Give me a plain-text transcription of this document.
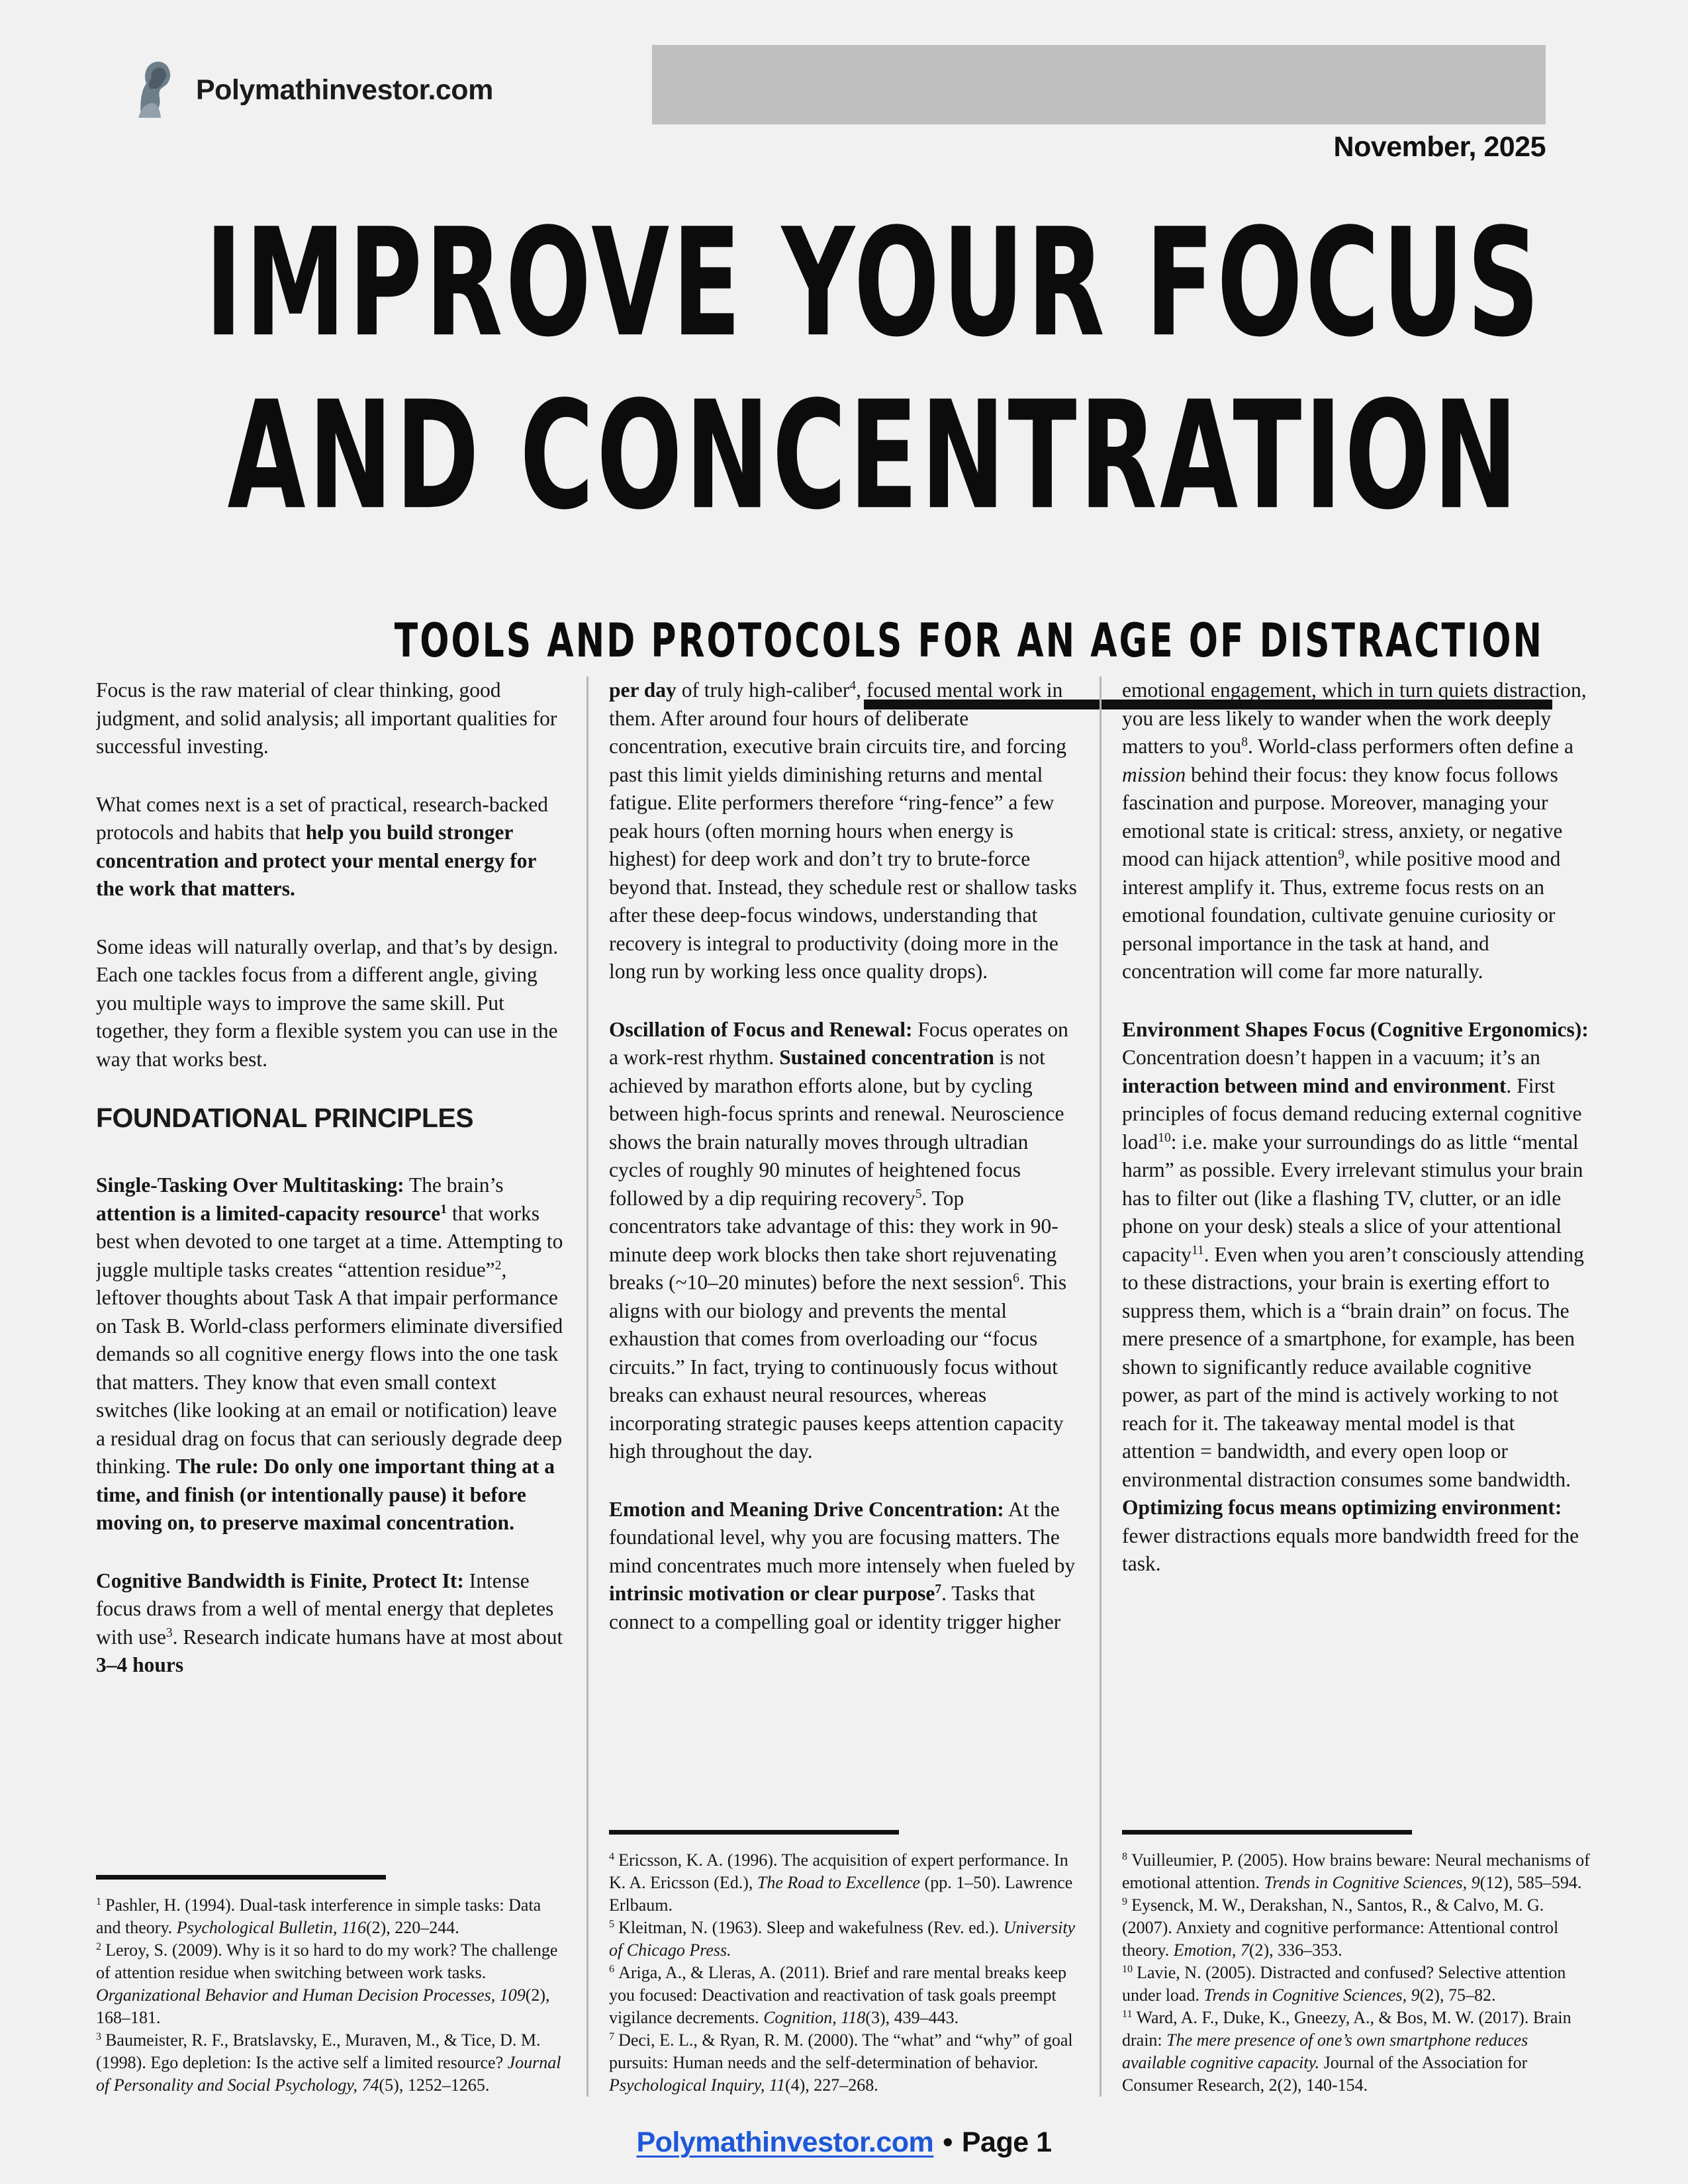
Polymathinvestor.com
November, 2025
IMPROVE YOUR FOCUS
AND CONCENTRATION
TOOLS AND PROTOCOLS FOR AN AGE OF DISTRACTION
Focus is the raw material of clear thinking, good judgment, and solid analysis; all important qualities for successful investing.
What comes next is a set of practical, research-backed protocols and habits that help you build stronger concentration and protect your mental energy for the work that matters.
Some ideas will naturally overlap, and that’s by design. Each one tackles focus from a different angle, giving you multiple ways to improve the same skill. Put together, they form a flexible system you can use in the way that works best.
FOUNDATIONAL PRINCIPLES
Single-Tasking Over Multitasking: The brain’s attention is a limited-capacity resource$^1$ that works best when devoted to one target at a time. Attempting to juggle multiple tasks creates “attention residue”$^2$, leftover thoughts about Task A that impair performance on Task B. World-class performers eliminate diversified demands so all cognitive energy flows into the one task that matters. They know that even small context switches (like looking at an email or notification) leave a residual drag on focus that can seriously degrade deep thinking. The rule: Do only one important thing at a time, and finish (or intentionally pause) it before moving on, to preserve maximal concentration.
Cognitive Bandwidth is Finite, Protect It: Intense focus draws from a well of mental energy that depletes with use$^3$. Research indicate humans have at most about 3–4 hours
$^1$ Pashler, H. (1994). Dual-task interference in simple tasks: Data and theory. Psychological Bulletin, 116(2), 220–244.
$^2$ Leroy, S. (2009). Why is it so hard to do my work? The challenge of attention residue when switching between work tasks. Organizational Behavior and Human Decision Processes, 109(2), 168–181.
$^3$ Baumeister, R. F., Bratslavsky, E., Muraven, M., & Tice, D. M. (1998). Ego depletion: Is the active self a limited resource? Journal of Personality and Social Psychology, 74(5), 1252–1265.
per day of truly high-caliber$^4$, focused mental work in them. After around four hours of deliberate concentration, executive brain circuits tire, and forcing past this limit yields diminishing returns and mental fatigue. Elite performers therefore “ring-fence” a few peak hours (often morning hours when energy is highest) for deep work and don’t try to brute-force beyond that. Instead, they schedule rest or shallow tasks after these deep-focus windows, understanding that recovery is integral to productivity (doing more in the long run by working less once quality drops).
Oscillation of Focus and Renewal: Focus operates on a work-rest rhythm. Sustained concentration is not achieved by marathon efforts alone, but by cycling between high-focus sprints and renewal. Neuroscience shows the brain naturally moves through ultradian cycles of roughly 90 minutes of heightened focus followed by a dip requiring recovery$^5$. Top concentrators take advantage of this: they work in 90-minute deep work blocks then take short rejuvenating breaks (~10–20 minutes) before the next session$^6$. This aligns with our biology and prevents the mental exhaustion that comes from overloading our “focus circuits.” In fact, trying to continuously focus without breaks can exhaust neural resources, whereas incorporating strategic pauses keeps attention capacity high throughout the day.
Emotion and Meaning Drive Concentration: At the foundational level, why you are focusing matters. The mind concentrates much more intensely when fueled by intrinsic motivation or clear purpose$^7$. Tasks that connect to a compelling goal or identity trigger higher
$^4$ Ericsson, K. A. (1996). The acquisition of expert performance. In K. A. Ericsson (Ed.), The Road to Excellence (pp. 1–50). Lawrence Erlbaum.
$^5$ Kleitman, N. (1963). Sleep and wakefulness (Rev. ed.). University of Chicago Press.
$^6$ Ariga, A., & Lleras, A. (2011). Brief and rare mental breaks keep you focused: Deactivation and reactivation of task goals preempt vigilance decrements. Cognition, 118(3), 439–443.
$^7$ Deci, E. L., & Ryan, R. M. (2000). The “what” and “why” of goal pursuits: Human needs and the self-determination of behavior. Psychological Inquiry, 11(4), 227–268.
emotional engagement, which in turn quiets distraction, you are less likely to wander when the work deeply matters to you$^8$. World-class performers often define a mission behind their focus: they know focus follows fascination and purpose. Moreover, managing your emotional state is critical: stress, anxiety, or negative mood can hijack attention$^9$, while positive mood and interest amplify it. Thus, extreme focus rests on an emotional foundation, cultivate genuine curiosity or personal importance in the task at hand, and concentration will come far more naturally.
Environment Shapes Focus (Cognitive Ergonomics): Concentration doesn’t happen in a vacuum; it’s an interaction between mind and environment. First principles of focus demand reducing external cognitive load$^{10}$: i.e. make your surroundings do as little “mental harm” as possible. Every irrelevant stimulus your brain has to filter out (like a flashing TV, clutter, or an idle phone on your desk) steals a slice of your attentional capacity$^{11}$. Even when you aren’t consciously attending to these distractions, your brain is exerting effort to suppress them, which is a “brain drain” on focus. The mere presence of a smartphone, for example, has been shown to significantly reduce available cognitive power, as part of the mind is actively working to not reach for it. The takeaway mental model is that attention = bandwidth, and every open loop or environmental distraction consumes some bandwidth. Optimizing focus means optimizing environment: fewer distractions equals more bandwidth freed for the task.
$^8$ Vuilleumier, P. (2005). How brains beware: Neural mechanisms of emotional attention. Trends in Cognitive Sciences, 9(12), 585–594.
$^9$ Eysenck, M. W., Derakshan, N., Santos, R., & Calvo, M. G. (2007). Anxiety and cognitive performance: Attentional control theory. Emotion, 7(2), 336–353.
$^{10}$ Lavie, N. (2005). Distracted and confused? Selective attention under load. Trends in Cognitive Sciences, 9(2), 75–82.
$^{11}$ Ward, A. F., Duke, K., Gneezy, A., & Bos, M. W. (2017). Brain drain: The mere presence of one’s own smartphone reduces available cognitive capacity. Journal of the Association for Consumer Research, 2(2), 140-154.
Polymathinvestor.com • Page 1
